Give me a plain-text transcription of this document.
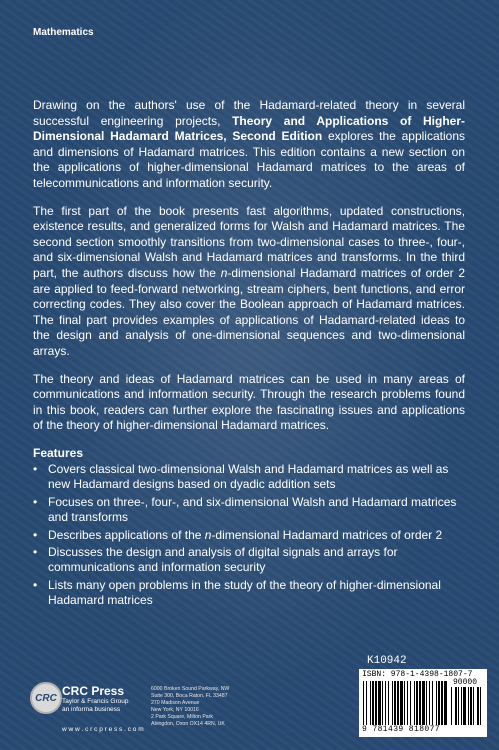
Mathematics

Drawing on the authors' use of the Hadamard-related theory in several successful engineering projects, Theory and Applications of Higher-Dimensional Hadamard Matrices, Second Edition explores the applications and dimensions of Hadamard matrices. This edition contains a new section on the applications of higher-dimensional Hadamard matrices to the areas of telecommunications and information security.

The first part of the book presents fast algorithms, updated constructions, existence results, and generalized forms for Walsh and Hadamard matrices. The second section smoothly transitions from two-dimensional cases to three-, four-, and six-dimensional Walsh and Hadamard matrices and transforms. In the third part, the authors discuss how the n-dimensional Hadamard matrices of order 2 are applied to feed-forward networking, stream ciphers, bent functions, and error correcting codes. They also cover the Boolean approach of Hadamard matrices. The final part provides examples of applications of Hadamard-related ideas to the design and analysis of one-dimensional sequences and two-dimensional arrays.

The theory and ideas of Hadamard matrices can be used in many areas of communications and information security. Through the research problems found in this book, readers can further explore the fascinating issues and applications of the theory of higher-dimensional Hadamard matrices.

Features
• Covers classical two-dimensional Walsh and Hadamard matrices as well as new Hadamard designs based on dyadic addition sets
• Focuses on three-, four-, and six-dimensional Walsh and Hadamard matrices and transforms
• Describes applications of the n-dimensional Hadamard matrices of order 2
• Discusses the design and analysis of digital signals and arrays for communications and information security
• Lists many open problems in the study of the theory of higher-dimensional Hadamard matrices
K10942
CRC CRC Press
Taylor & Francis Group
an informa business
w w w . c r c p r e s s . c o m
6000 Broken Sound Parkway, NW
Suite 300, Boca Raton, FL 33487
270 Madison Avenue
New York, NY 10016
2 Park Square, Milton Park
Abingdon, Oxon OX14 4RN, UK
ISBN: 978-1-4398-1807-7
90000
9 781439 818077
